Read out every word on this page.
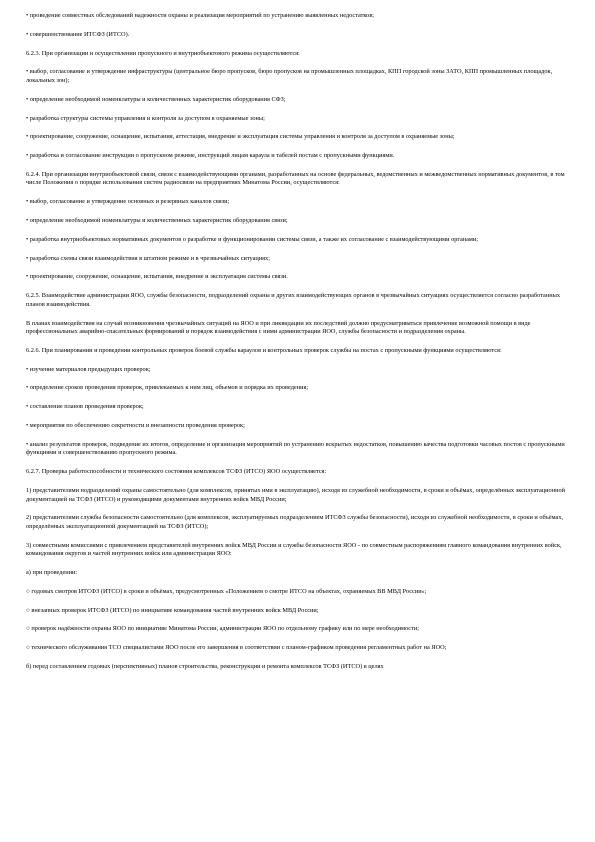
• проведение совместных обследований надежности охраны и реализация мероприятий по устранению выявленных недостатков;

• совершенствование ИТСФЗ (ИТСО).

6.2.3. При организации и осуществлении пропускного и внутриобъектового режима осуществляются:

• выбор, согласование и утверждение инфраструктуры (центральное бюро пропусков, бюро пропусков на промышленных площадках, КПП городской зоны ЗАТО, КПП промышленных площадок, локальных зон);

• определение необходимой номенклатуры и количественных характеристик оборудования СФЗ;

• разработка структуры системы управления и контроля за доступом в охраняемые зоны;

• проектирование, сооружение, оснащение, испытания, аттестация, внедрение и эксплуатация системы управления и контроля за доступом в охраняемые зоны;

• разработка и согласование инструкции о пропускном режиме, инструкций лицам караула и табелей постам с пропускными функциями.

6.2.4. При организации внутриобъектовой связи, связи с взаимодействующими органами, разработанных на основе федеральных, ведомственных и межведомственных нормативных документов, в том числе Положения о порядке использования систем радиосвязи на предприятиях Минатома России, осуществляются:

• выбор, согласование и утверждение основных и резервных каналов связи;

• определение необходимой номенклатуры и количественных характеристик оборудования связи;

• разработка внутриобъектовых нормативных документов о разработке и функционировании системы связи, а также их согласование с взаимодействующими органами;

• разработка схемы связи взаимодействия в штатном режиме и в чрезвычайных ситуациях;

• проектирование, сооружение, оснащение, испытания, внедрение и эксплуатация системы связи.

6.2.5. Взаимодействие администрации ЯОО, службы безопасности, подразделений охраны и других взаимодействующих органов в чрезвычайных ситуациях осуществляется согласно разработанных планов взаимодействия.

В планах взаимодействия на случай возникновения чрезвычайных ситуаций на ЯОО и при ликвидации их последствий должно предусматриваться привлечение возможной помощи в виде профессиональных аварийно-спасательных формирований и порядок взаимодействия с ними администрации ЯОО, службы безопасности и подразделения охраны.

6.2.6. При планировании и проведении контрольных проверок боевой службы караулов и контрольных проверок службы на постах с пропускными функциями осуществляются:

• изучение материалов предыдущих проверок;

• определение сроков проведения проверок, привлекаемых к ним лиц, объемов и порядка их проведения;

• составление планов проведения проверок;

• мероприятия по обеспечению секретности и внезапности проведения проверок;

• анализ результатов проверок, подведение их итогов, определение и организация мероприятий по устранению вскрытых недостатков, повышению качества подготовки часовых постов с пропускными функциями и совершенствованию пропускного режима.

6.2.7. Проверка работоспособности и технического состояния комплексов ТСФЗ (ИТСО) ЯОО осуществляется:

1) представителями подразделений охраны самостоятельно (для комплексов, принятых ими в эксплуатацию), исходя из служебной необходимости, в сроки и объёмах, определённых эксплуатационной документацией на ТСФЗ (ИТСО) и руководящими документами внутренних войск МВД России;

2) представителями службы безопасности самостоятельно (для комплексов, эксплуатируемых подразделением ИТСФЗ службы безопасности), исходя из служебной необходимости, в сроки и объёмах, определённых эксплуатационной документацией на ТСФЗ (ИТСО);

3) совместными комиссиями с привлечением представителей внутренних войск МВД России и службы безопасности ЯОО - по совместным распоряжениям главного командования внутренних войск, командования округов и частей внутренних войск или администрации ЯОО:

а) при проведении:

○ годовых смотров ИТСФЗ (ИТСО) в сроки и объёмах, предусмотренных «Положением о смотре ИТСО на объектах, охраняемых ВВ МВД России»;

○ внезапных проверок ИТСФЗ (ИТСО) по инициативе командования частей внутренних войск МВД России;

○ проверок надёжности охраны ЯОО по инициативе Минатома России, администрации ЯОО по отдельному графику или по мере необходимости;

○ технического обслуживания ТСО специалистами ЯОО после его завершения в соответствии с планом-графиком проведения регламентных работ на ЯОО;

б) перед составлением годовых (перспективных) планов строительства, реконструкции и ремонта комплексов ТСФЗ (ИТСО) в целях
